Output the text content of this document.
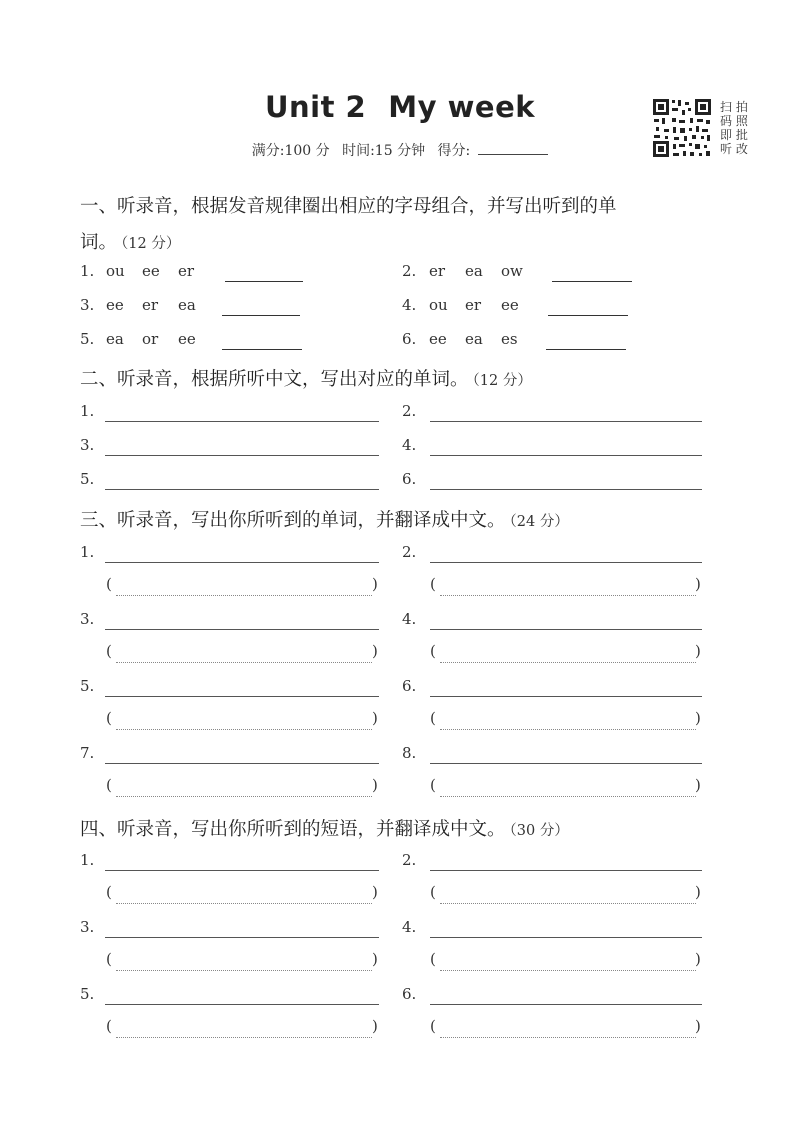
Unit 2 My week
满分:100 分 时间:15 分钟 得分:
扫 拍
码 照
即 批
听 改
一、听录音，根据发音规律圈出相应的字母组合，并写出听到的单
词。 （12 分）
1. ou ee er	2. er ea ow
3. ee er ea	4. ou er ee
5. ea or ee	6. ee ea es
二、听录音，根据所听中文，写出对应的单词。 （12 分）
1.	2.
3.	4.
5.	6.
三、听录音，写出你所听到的单词，并翻译成中文。 （24 分）
1.	2.
(	)	(	)
3.	4.
(	)	(	)
5.	6.
(	)	(	)
7.	8.
(	)	(	)
四、听录音，写出你所听到的短语，并翻译成中文。 （30 分）
1.	2.
(	)	(	)
3.	4.
(	)	(	)
5.	6.
(	)	(	)
